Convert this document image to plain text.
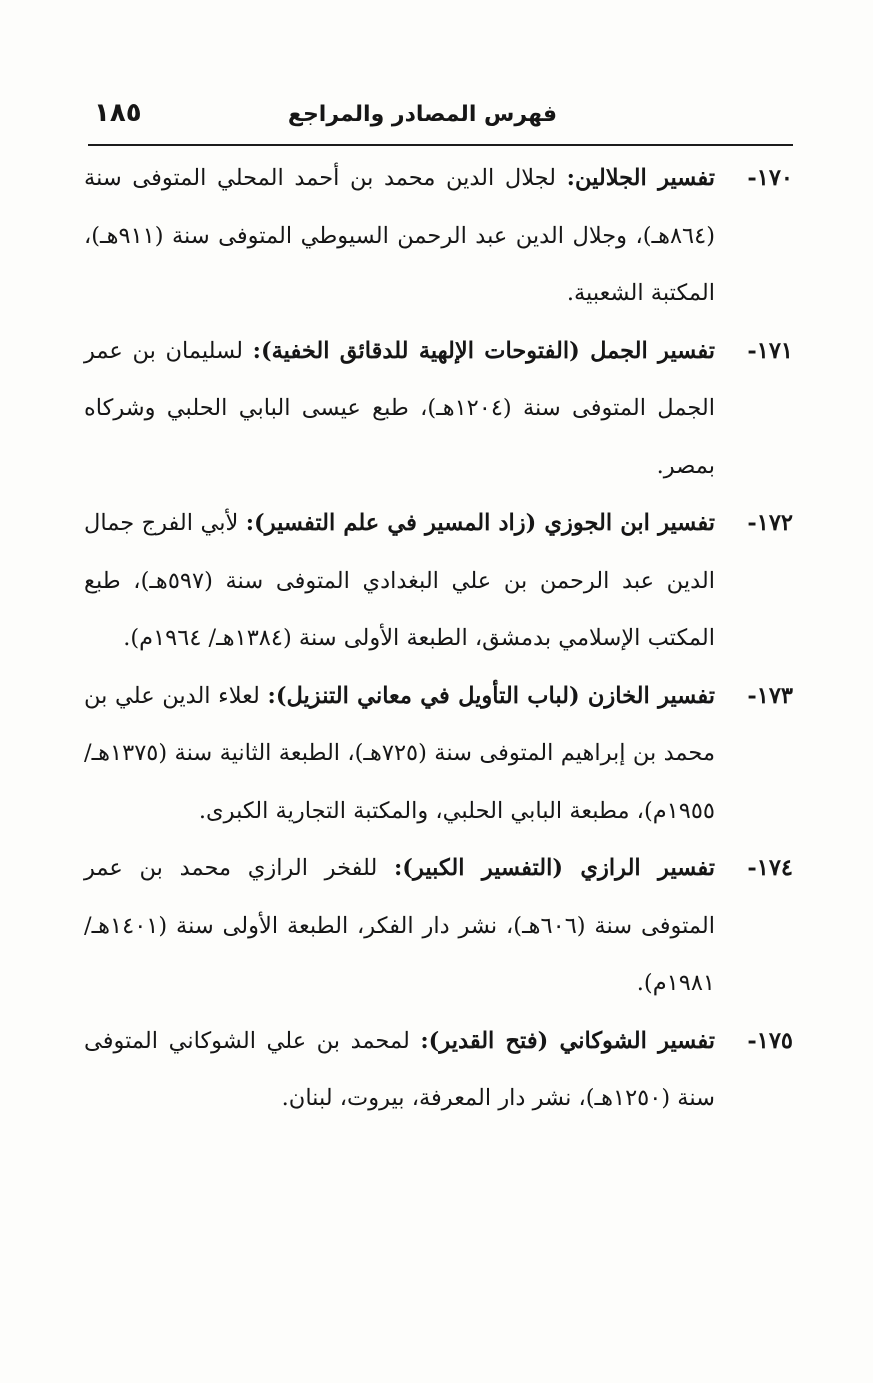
فهرس المصادر والمراجع
١٨٥

١٧٠-
تفسير الجلالين: لجلال الدين محمد بن أحمد المحلي المتوفى سنة (٨٦٤هـ)، وجلال الدين عبد الرحمن السيوطي المتوفى سنة (٩١١هـ)، المكتبة الشعبية.

١٧١-
تفسير الجمل (الفتوحات الإلهية للدقائق الخفية): لسليمان بن عمر الجمل المتوفى سنة (١٢٠٤هـ)، طبع عيسى البابي الحلبي وشركاه بمصر.

١٧٢-
تفسير ابن الجوزي (زاد المسير في علم التفسير): لأبي الفرج جمال الدين عبد الرحمن بن علي البغدادي المتوفى سنة (٥٩٧هـ)، طبع المكتب الإسلامي بدمشق، الطبعة الأولى سنة (١٣٨٤هـ/ ١٩٦٤م).

١٧٣-
تفسير الخازن (لباب التأويل في معاني التنزيل): لعلاء الدين علي بن محمد بن إبراهيم المتوفى سنة (٧٢٥هـ)، الطبعة الثانية سنة (١٣٧٥هـ/١٩٥٥م)، مطبعة البابي الحلبي، والمكتبة التجارية الكبرى.

١٧٤-
تفسير الرازي (التفسير الكبير): للفخر الرازي محمد بن عمر المتوفى سنة (٦٠٦هـ)، نشر دار الفكر، الطبعة الأولى سنة (١٤٠١هـ/١٩٨١م).

١٧٥-
تفسير الشوكاني (فتح القدير): لمحمد بن علي الشوكاني المتوفى سنة (١٢٥٠هـ)، نشر دار المعرفة، بيروت، لبنان.
